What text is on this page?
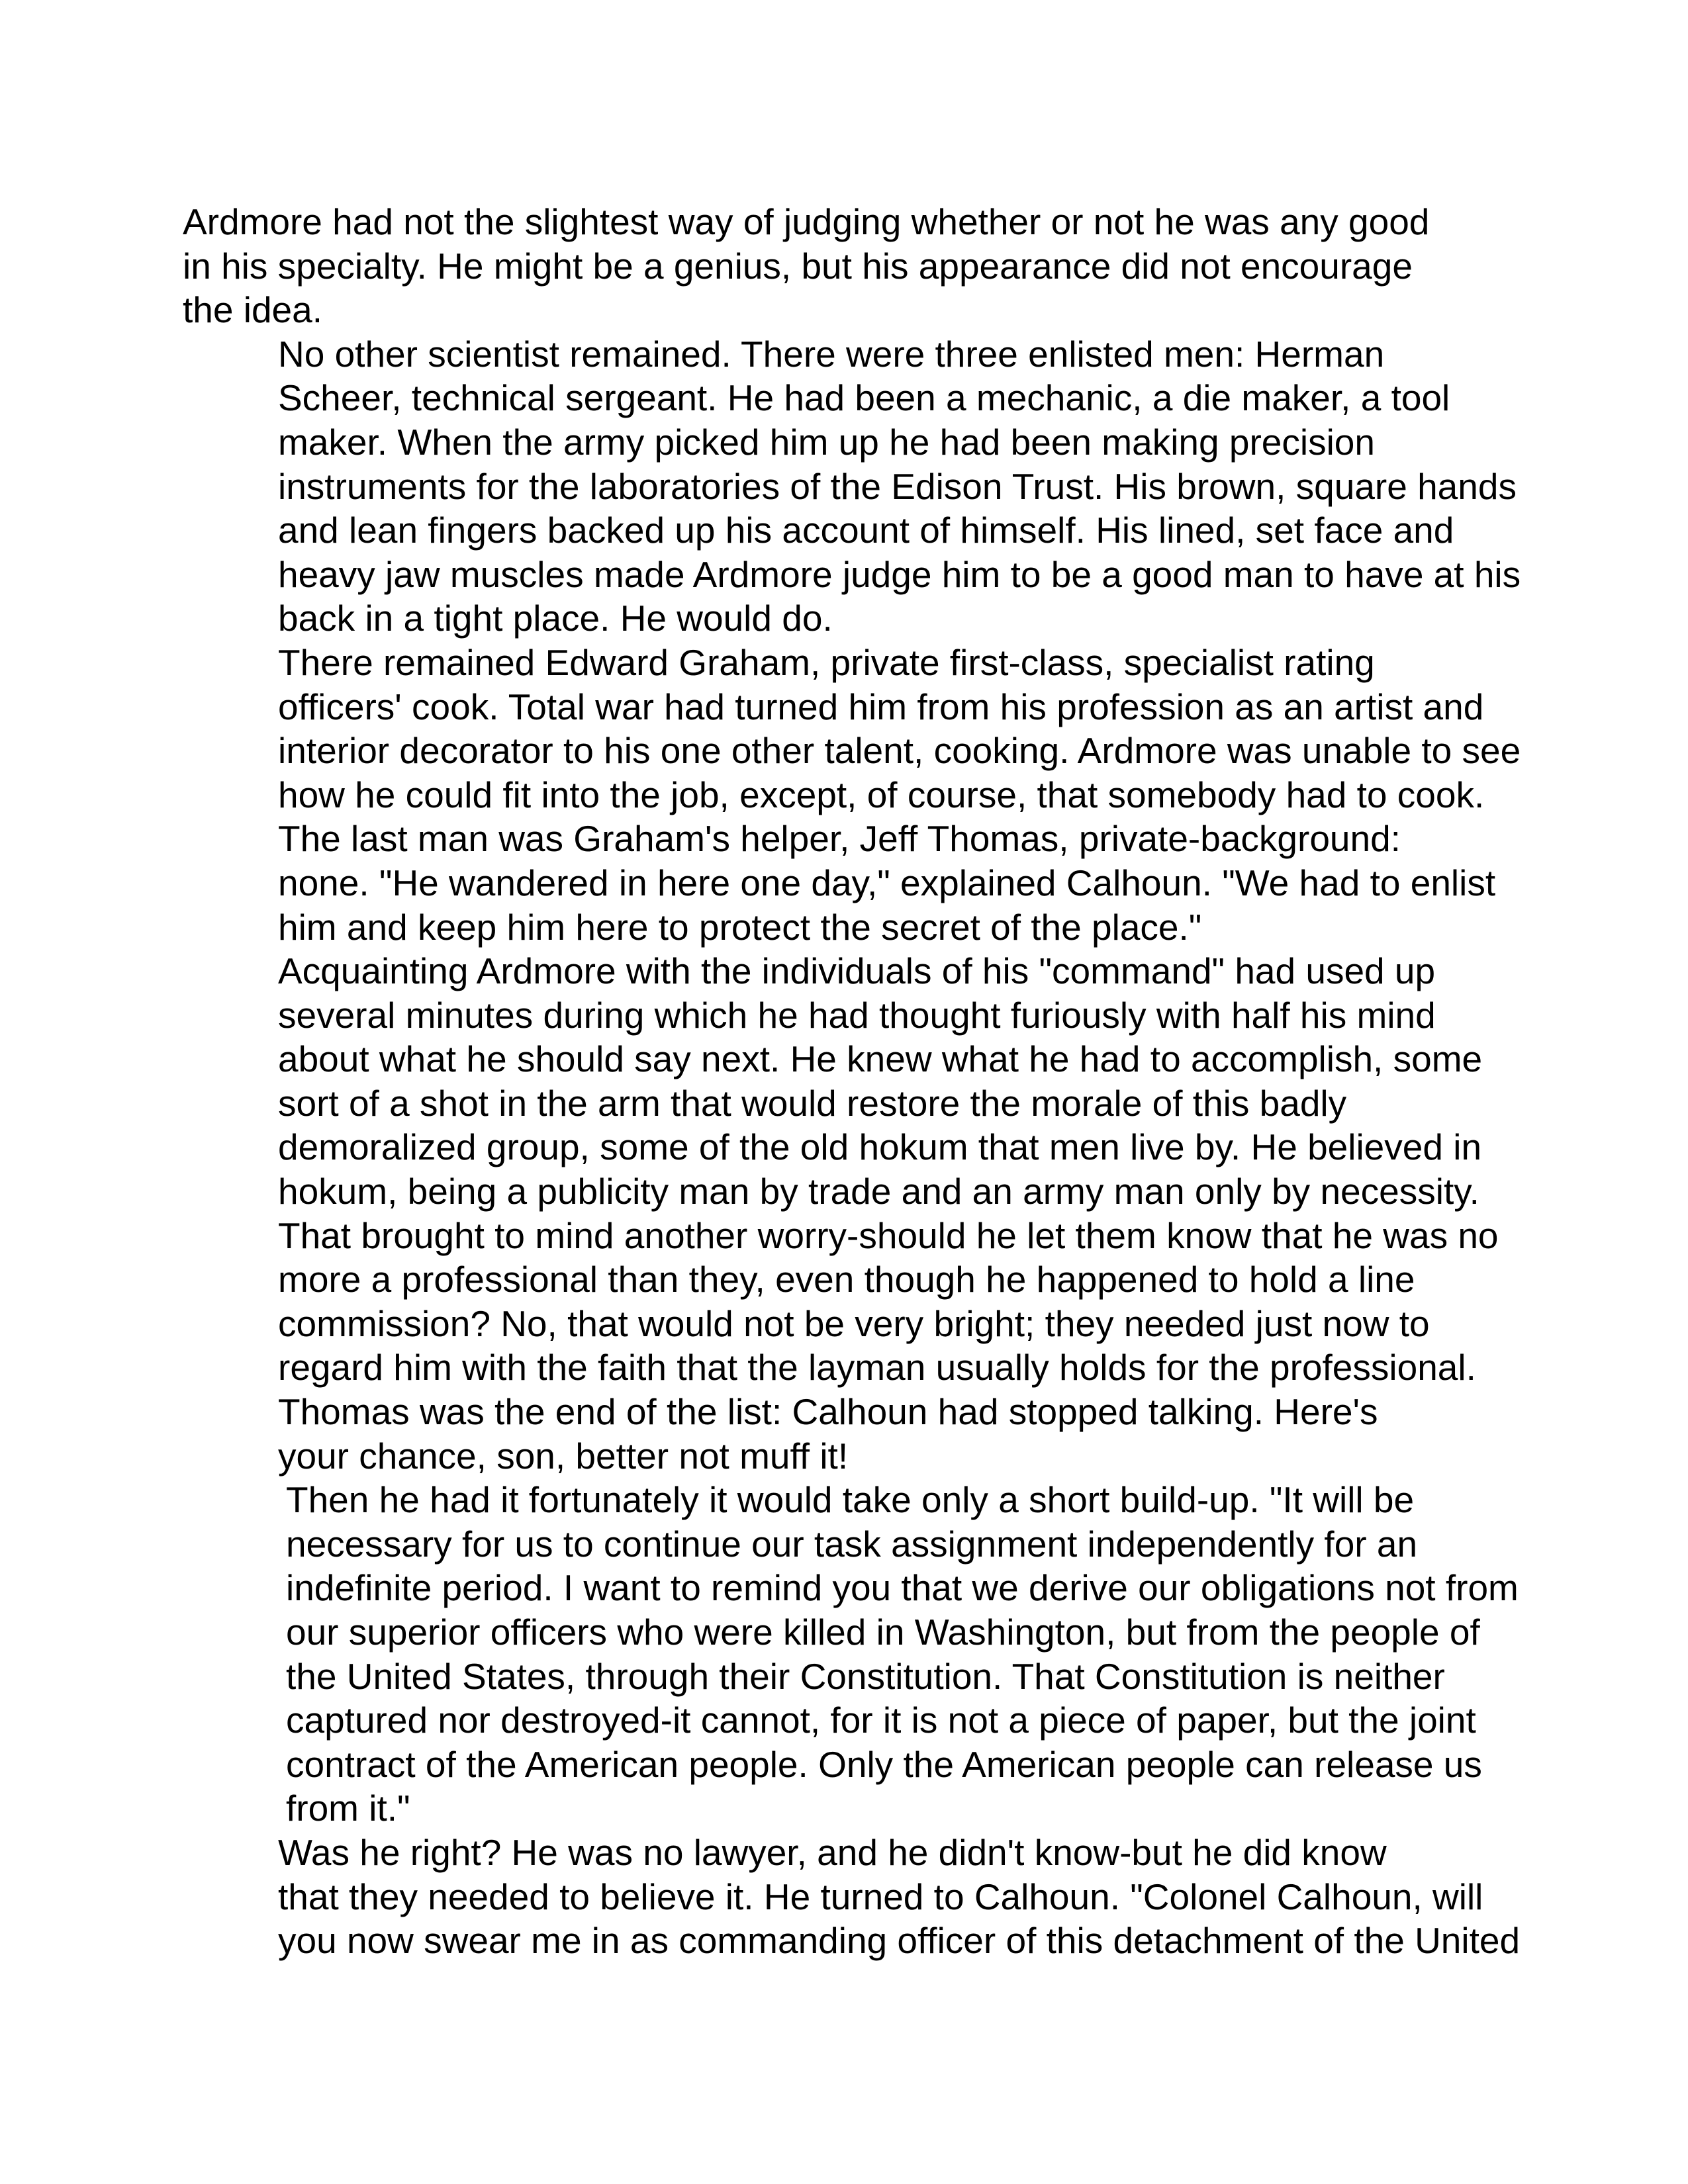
Ardmore had not the slightest way of judging whether or not he was any good
in his specialty. He might be a genius, but his appearance did not encourage
the idea.
No other scientist remained. There were three enlisted men: Herman
Scheer, technical sergeant. He had been a mechanic, a die maker, a tool
maker. When the army picked him up he had been making precision
instruments for the laboratories of the Edison Trust. His brown, square hands
and lean fingers backed up his account of himself. His lined, set face and
heavy jaw muscles made Ardmore judge him to be a good man to have at his
back in a tight place. He would do.
There remained Edward Graham, private first-class, specialist rating
officers' cook. Total war had turned him from his profession as an artist and
interior decorator to his one other talent, cooking. Ardmore was unable to see
how he could fit into the job, except, of course, that somebody had to cook.
The last man was Graham's helper, Jeff Thomas, private-background:
none. "He wandered in here one day," explained Calhoun. "We had to enlist
him and keep him here to protect the secret of the place."
Acquainting Ardmore with the individuals of his "command" had used up
several minutes during which he had thought furiously with half his mind
about what he should say next. He knew what he had to accomplish, some
sort of a shot in the arm that would restore the morale of this badly
demoralized group, some of the old hokum that men live by. He believed in
hokum, being a publicity man by trade and an army man only by necessity.
That brought to mind another worry-should he let them know that he was no
more a professional than they, even though he happened to hold a line
commission? No, that would not be very bright; they needed just now to
regard him with the faith that the layman usually holds for the professional.
Thomas was the end of the list: Calhoun had stopped talking. Here's
your chance, son, better not muff it!
Then he had it fortunately it would take only a short build-up. "It will be
necessary for us to continue our task assignment independently for an
indefinite period. I want to remind you that we derive our obligations not from
our superior officers who were killed in Washington, but from the people of
the United States, through their Constitution. That Constitution is neither
captured nor destroyed-it cannot, for it is not a piece of paper, but the joint
contract of the American people. Only the American people can release us
from it."
Was he right? He was no lawyer, and he didn't know-but he did know
that they needed to believe it. He turned to Calhoun. "Colonel Calhoun, will
you now swear me in as commanding officer of this detachment of the United
